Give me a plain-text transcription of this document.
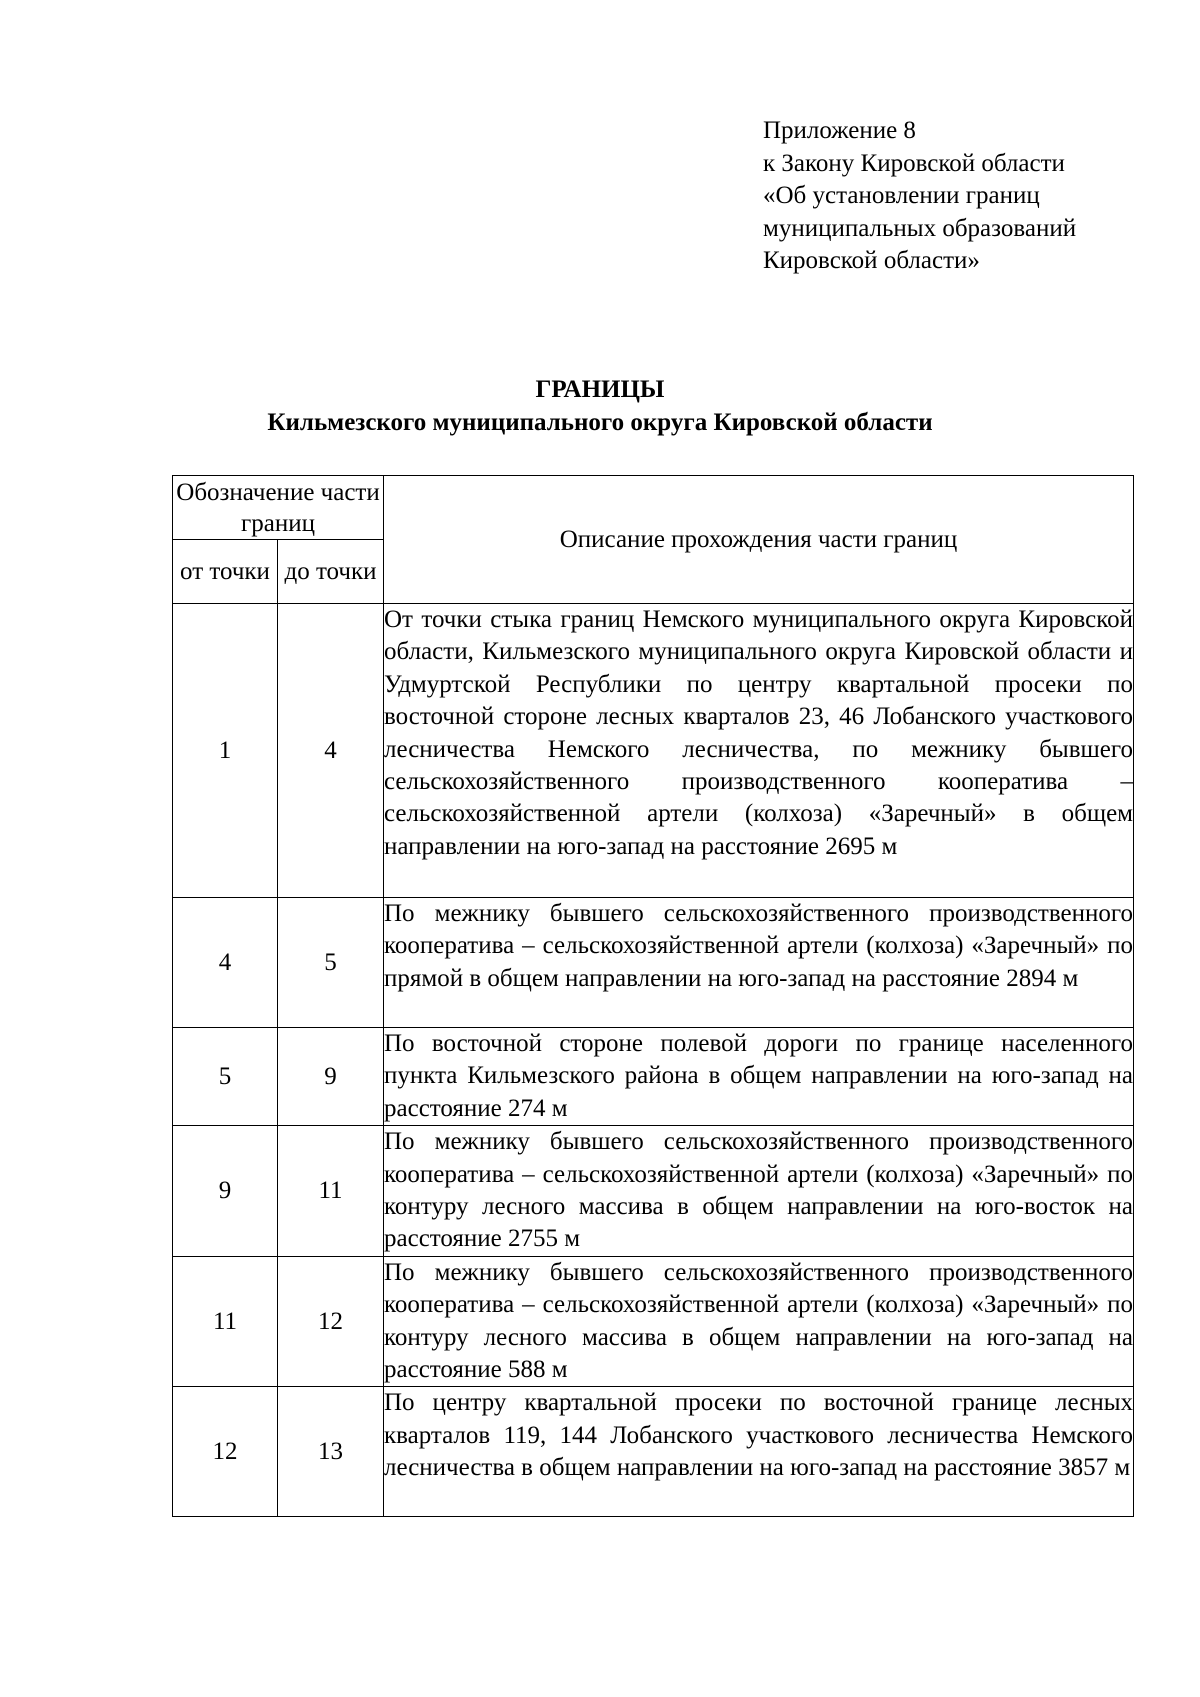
Приложение 8
к Закону Кировской области
«Об установлении границ
муниципальных образований
Кировской области»
ГРАНИЦЫ
Кильмезского муниципального округа Кировской области
Обозначение части границ		Описание прохождения части границ
от точки	до точки	
1	4	От точки стыка границ Немского муниципального округа Кировской области, Кильмезского муниципального округа Кировской области и Удмуртской Республики по центру квартальной просеки по восточной стороне лесных кварталов 23, 46 Лобанского участкового лесничества Немского лесничества, по межнику бывшего сельскохозяйственного производственного кооператива – сельскохозяйственной артели (колхоза) «Заречный» в общем направлении на юго-запад на расстояние 2695 м
4	5	По межнику бывшего сельскохозяйственного производственного кооператива – сельскохозяйственной артели (колхоза) «Заречный» по прямой в общем направлении на юго-запад на расстояние 2894 м
5	9	По восточной стороне полевой дороги по границе населенного пункта Кильмезского района в общем направлении на юго-запад на расстояние 274 м
9	11	По межнику бывшего сельскохозяйственного производственного кооператива – сельскохозяйственной артели (колхоза) «Заречный» по контуру лесного массива в общем направлении на юго-восток на расстояние 2755 м
11	12	По межнику бывшего сельскохозяйственного производственного кооператива – сельскохозяйственной артели (колхоза) «Заречный» по контуру лесного массива в общем направлении на юго-запад на расстояние 588 м
12	13	По центру квартальной просеки по восточной границе лесных кварталов 119, 144 Лобанского участкового лесничества Немского лесничества в общем направлении на юго-запад на расстояние 3857 м
